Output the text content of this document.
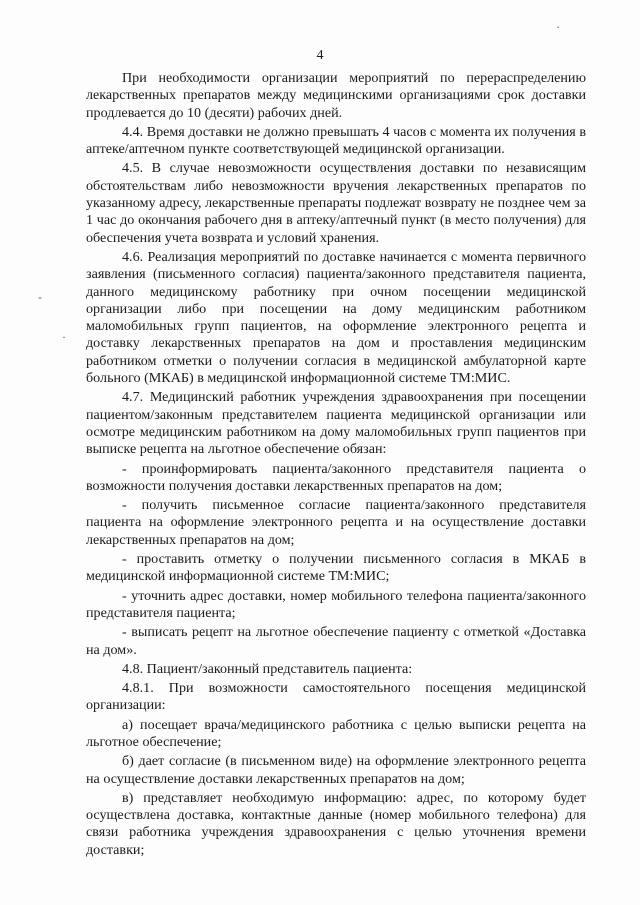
4
·
-
·

При необходимости организации мероприятий по перераспределению лекарственных препаратов между медицинскими организациями срок доставки продлевается до 10 (десяти) рабочих дней.

4.4. Время доставки не должно превышать 4 часов с момента их получения в аптеке/аптечном пункте соответствующей медицинской организации.

4.5. В случае невозможности осуществления доставки по независящим обстоятельствам либо невозможности вручения лекарственных препаратов по указанному адресу, лекарственные препараты подлежат возврату не позднее чем за 1 час до окончания рабочего дня в аптеку/аптечный пункт (в место получения) для обеспечения учета возврата и условий хранения.

4.6. Реализация мероприятий по доставке начинается с момента первичного заявления (письменного согласия) пациента/законного представителя пациента, данного медицинскому работнику при очном посещении медицинской организации либо при посещении на дому медицинским работником маломобильных групп пациентов, на оформление электронного рецепта и доставку лекарственных препаратов на дом и проставления медицинским работником отметки о получении согласия в медицинской амбулаторной карте больного (МКАБ) в медицинской информационной системе ТМ:МИС.

4.7. Медицинский работник учреждения здравоохранения при посещении пациентом/законным представителем пациента медицинской организации или осмотре медицинским работником на дому маломобильных групп пациентов при выписке рецепта на льготное обеспечение обязан:

- проинформировать пациента/законного представителя пациента о возможности получения доставки лекарственных препаратов на дом;

- получить письменное согласие пациента/законного представителя пациента на оформление электронного рецепта и на осуществление доставки лекарственных препаратов на дом;

- проставить отметку о получении письменного согласия в МКАБ в медицинской информационной системе ТМ:МИС;

- уточнить адрес доставки, номер мобильного телефона пациента/законного представителя пациента;

- выписать рецепт на льготное обеспечение пациенту с отметкой «Доставка на дом».

4.8. Пациент/законный представитель пациента:

4.8.1. При возможности самостоятельного посещения медицинской организации:

а) посещает врача/медицинского работника с целью выписки рецепта на льготное обеспечение;

б) дает согласие (в письменном виде) на оформление электронного рецепта на осуществление доставки лекарственных препаратов на дом;

в) представляет необходимую информацию: адрес, по которому будет осуществлена доставка, контактные данные (номер мобильного телефона) для связи работника учреждения здравоохранения с целью уточнения времени доставки;
